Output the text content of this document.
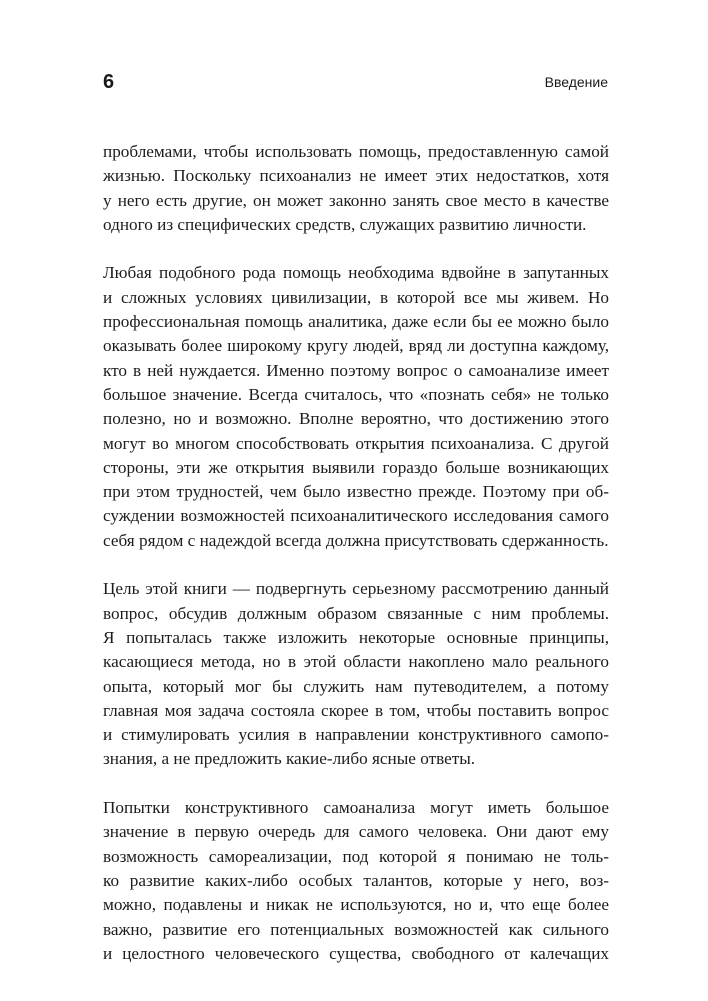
6	Введение
проблемами, чтобы использовать помощь, предоставленную самой
жизнью. Поскольку психоанализ не имеет этих недостатков, хотя
у него есть другие, он может законно занять свое место в качестве
одного из специфических средств, служащих развитию личности.
Любая подобного рода помощь необходима вдвойне в запутанных
и сложных условиях цивилизации, в которой все мы живем. Но
профессиональная помощь аналитика, даже если бы ее можно было
оказывать более широкому кругу людей, вряд ли доступна каждому,
кто в ней нуждается. Именно поэтому вопрос о самоанализе имеет
большое значение. Всегда считалось, что «познать себя» не только
полезно, но и возможно. Вполне вероятно, что достижению этого
могут во многом способствовать открытия психоанализа. С другой
стороны, эти же открытия выявили гораздо больше возникающих
при этом трудностей, чем было известно прежде. Поэтому при об-
суждении возможностей психоаналитического исследования самого
себя рядом с надеждой всегда должна присутствовать сдержанность.
Цель этой книги — подвергнуть серьезному рассмотрению данный
вопрос, обсудив должным образом связанные с ним проблемы.
Я попыталась также изложить некоторые основные принципы,
касающиеся метода, но в этой области накоплено мало реального
опыта, который мог бы служить нам путеводителем, а потому
главная моя задача состояла скорее в том, чтобы поставить вопрос
и стимулировать усилия в направлении конструктивного самопо-
знания, а не предложить какие-либо ясные ответы.
Попытки конструктивного самоанализа могут иметь большое
значение в первую очередь для самого человека. Они дают ему
возможность самореализации, под которой я понимаю не толь-
ко развитие каких-либо особых талантов, которые у него, воз-
можно, подавлены и никак не используются, но и, что еще более
важно, развитие его потенциальных возможностей как сильного
и целостного человеческого существа, свободного от калечащих
